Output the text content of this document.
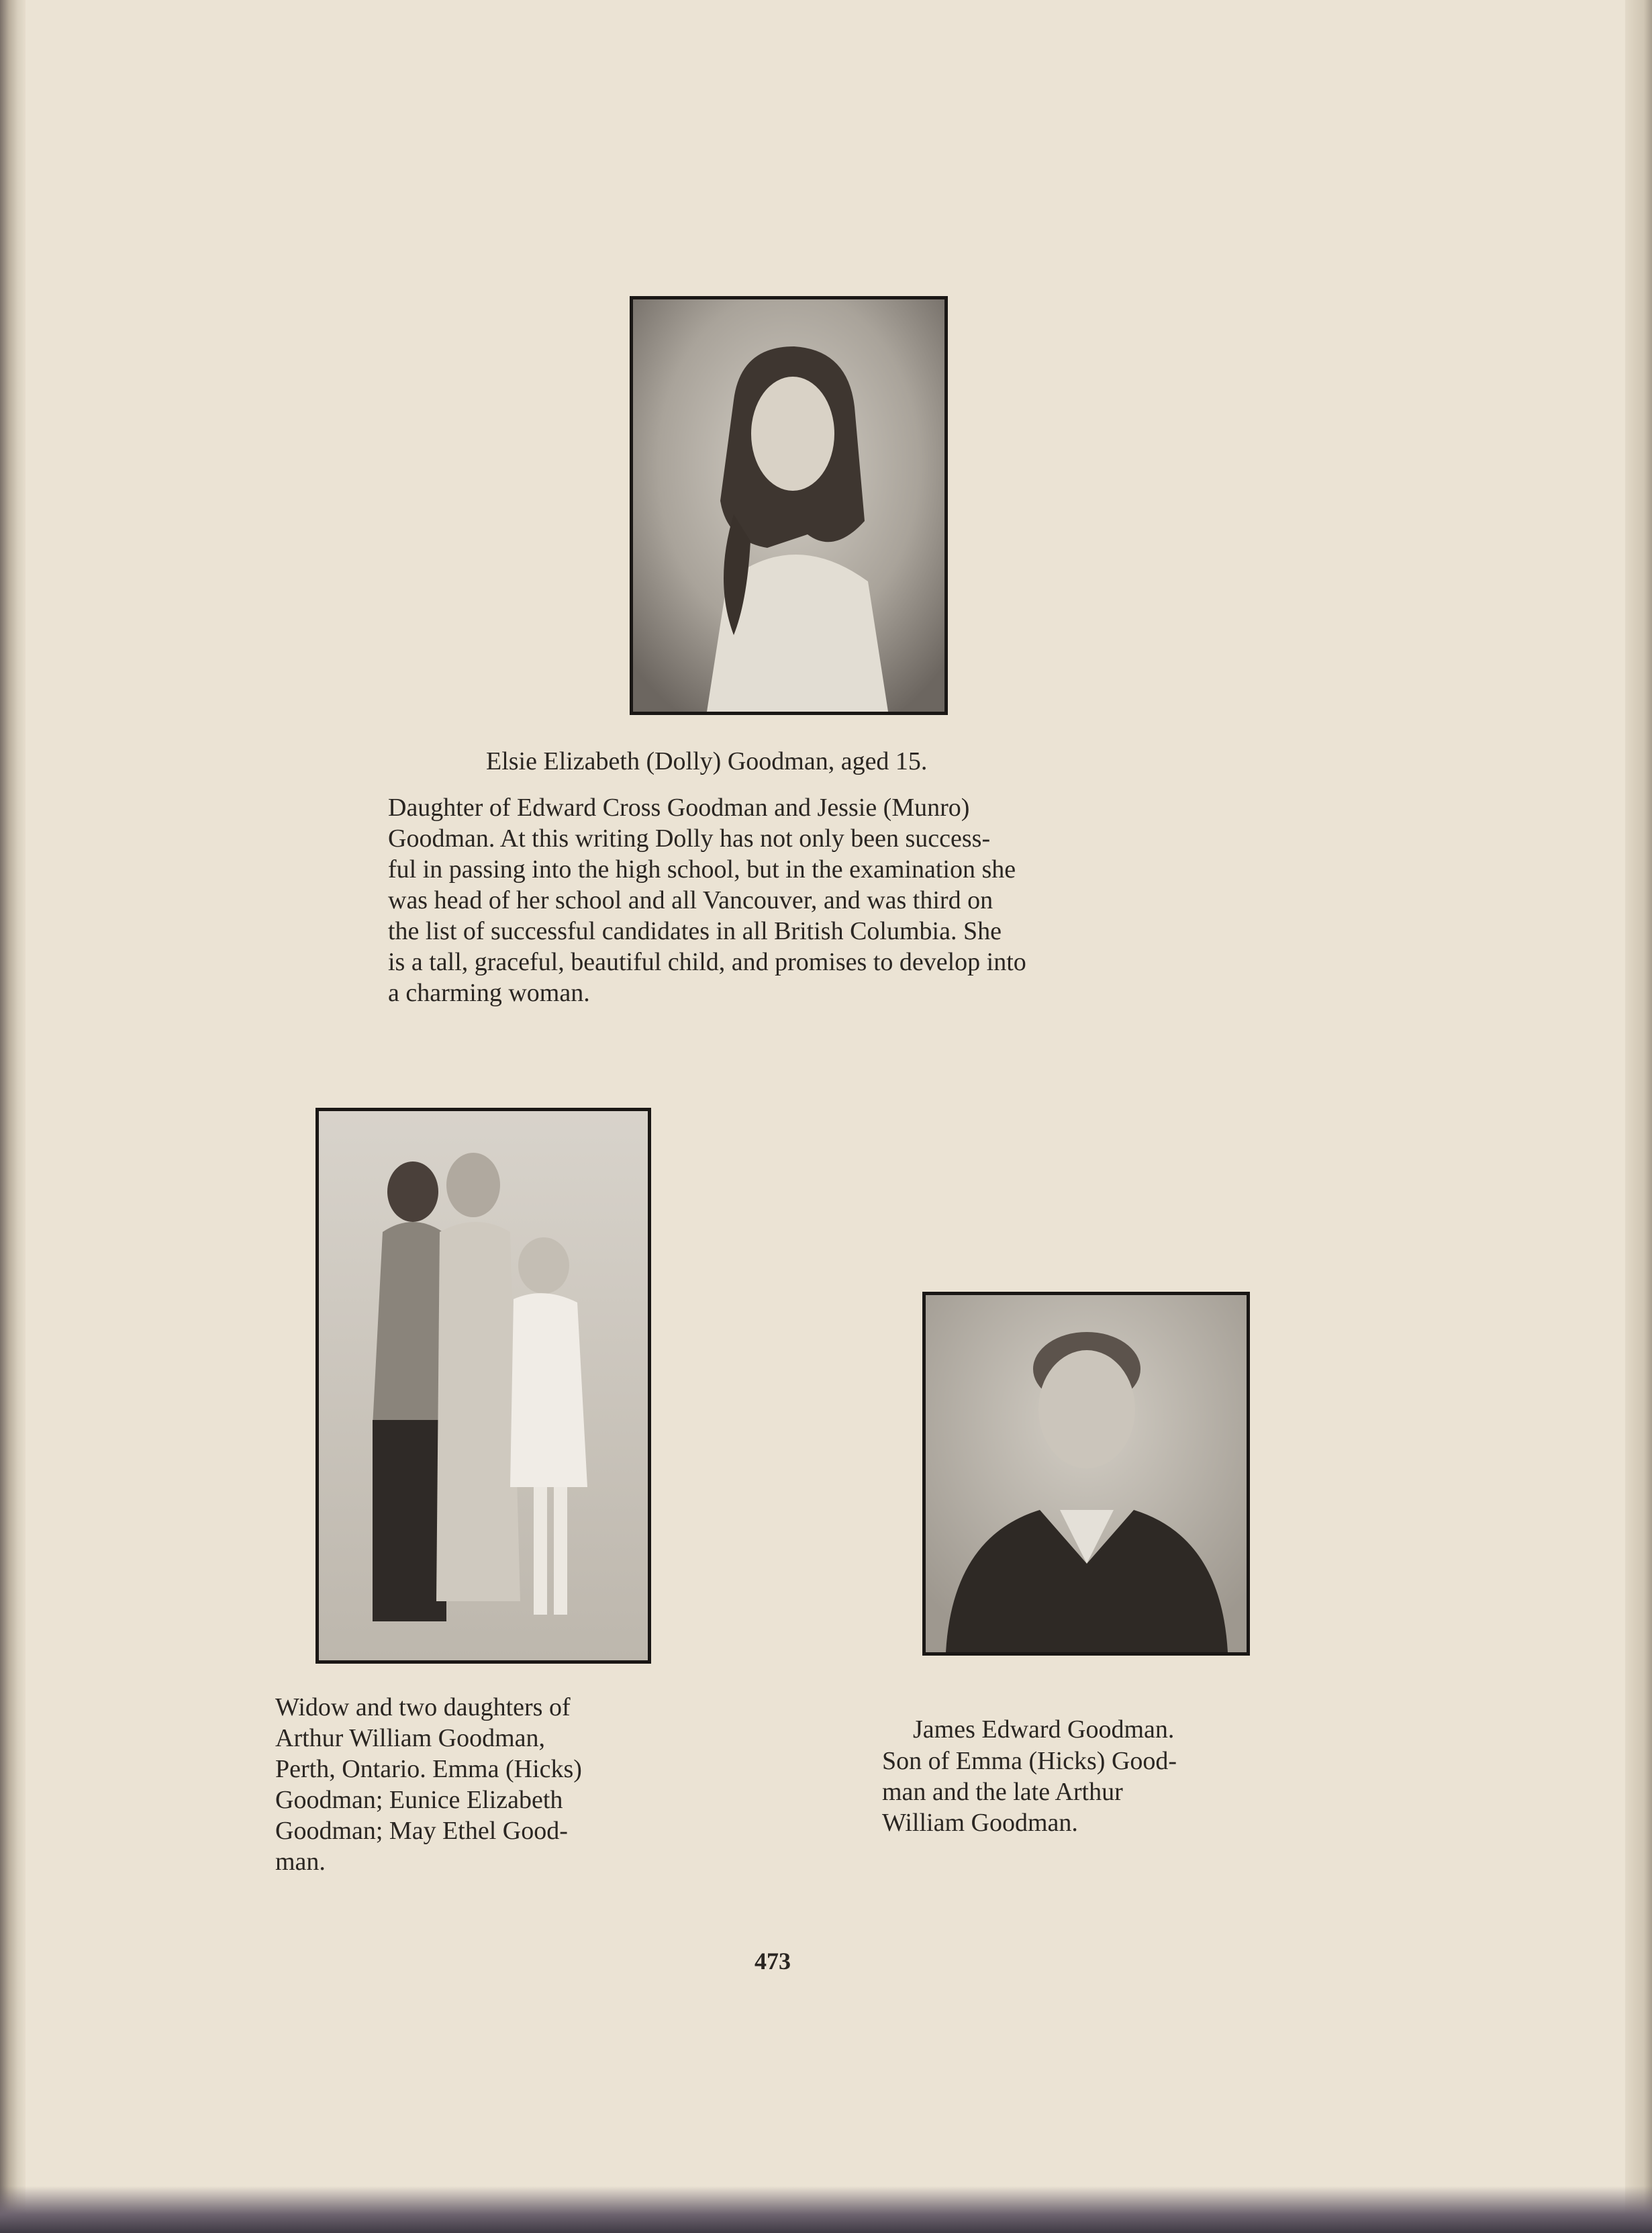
Elsie Elizabeth (Dolly) Goodman, aged 15.
Daughter of Edward Cross Goodman and Jessie (Munro)
Goodman. At this writing Dolly has not only been success-
ful in passing into the high school, but in the examination she
was head of her school and all Vancouver, and was third on
the list of successful candidates in all British Columbia. She
is a tall, graceful, beautiful child, and promises to develop into
a charming woman.
Widow and two daughters of
Arthur William Goodman,
Perth, Ontario. Emma (Hicks)
Goodman; Eunice Elizabeth
Goodman; May Ethel Good-
man.
James Edward Goodman.
Son of Emma (Hicks) Good-
man and the late Arthur
William Goodman.
473
